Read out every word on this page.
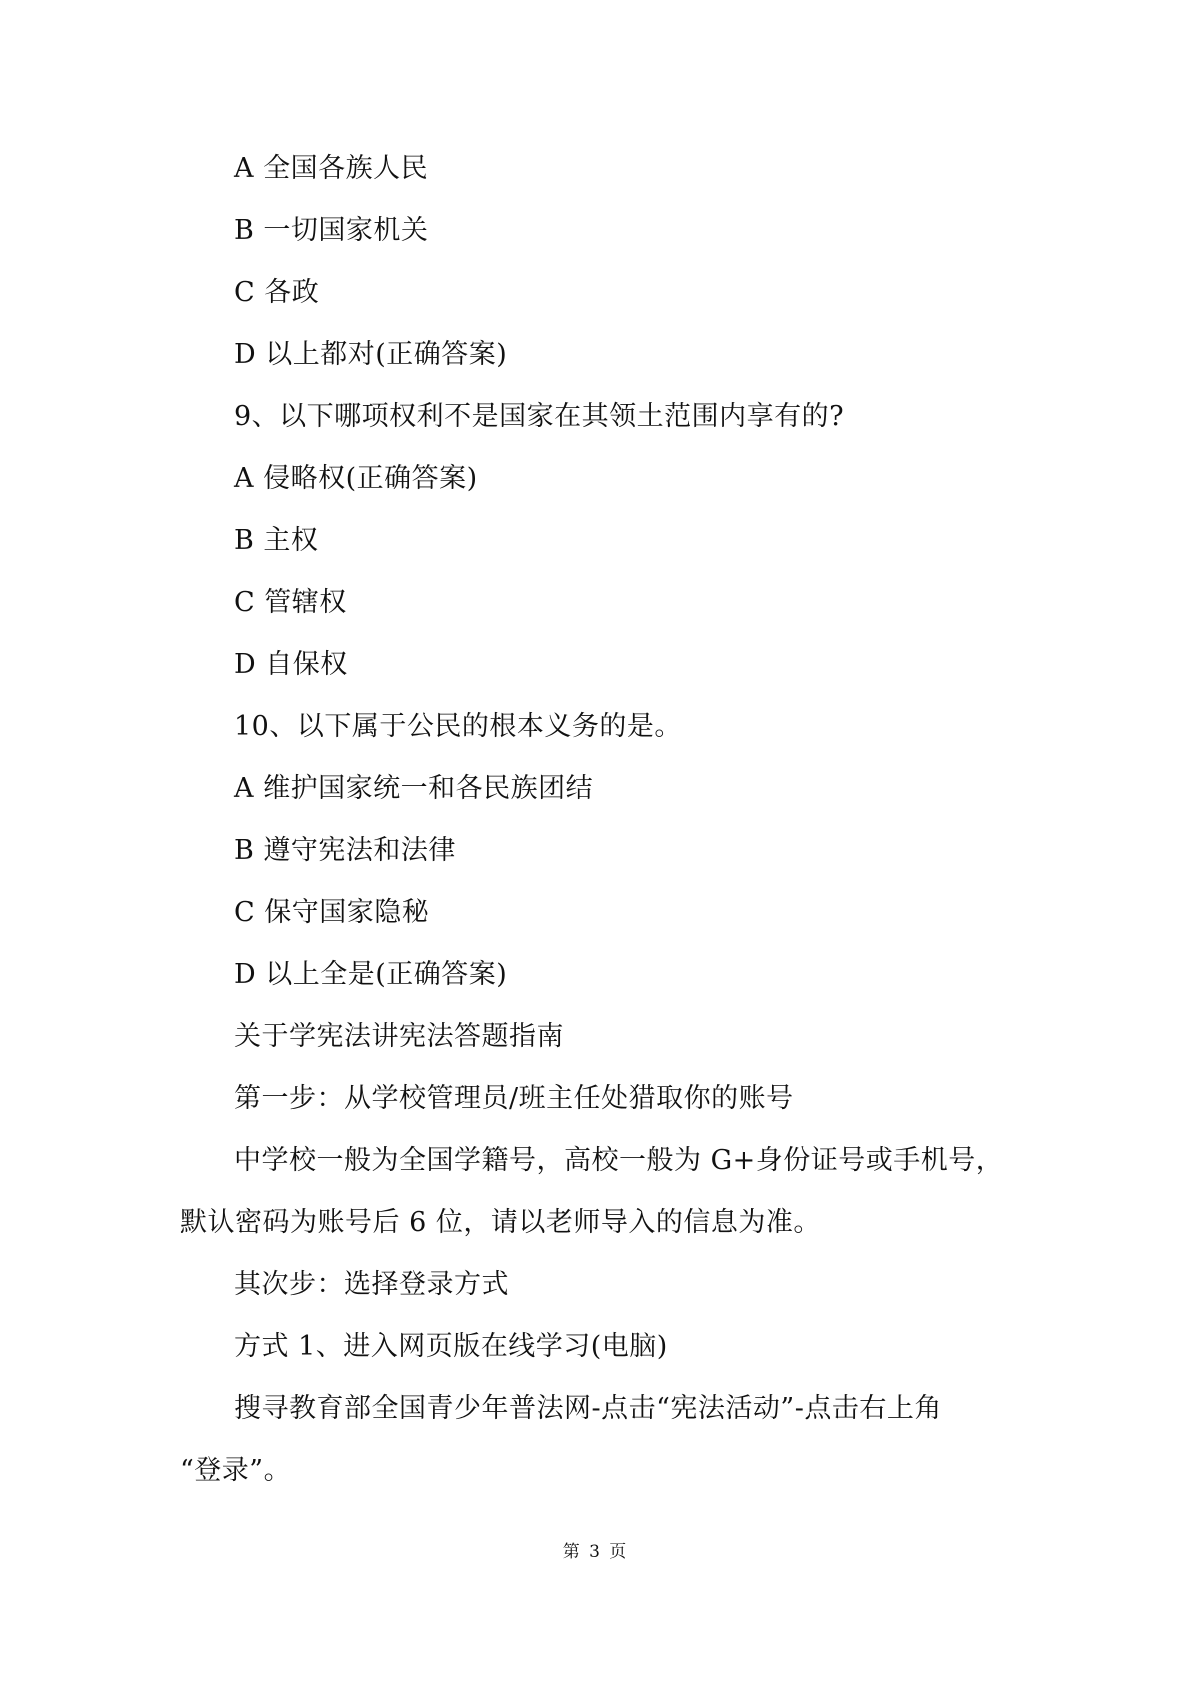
A 全国各族人民
B 一切国家机关
C 各政
D 以上都对(正确答案)
9、以下哪项权利不是国家在其领土范围内享有的?
A 侵略权(正确答案)
B 主权
C 管辖权
D 自保权
10、以下属于公民的根本义务的是。
A 维护国家统一和各民族团结
B 遵守宪法和法律
C 保守国家隐秘
D 以上全是(正确答案)
关于学宪法讲宪法答题指南
第一步：从学校管理员/班主任处猎取你的账号
中学校一般为全国学籍号，高校一般为 G+身份证号或手机号，
默认密码为账号后 6 位，请以老师导入的信息为准。
其次步：选择登录方式
方式 1、进入网页版在线学习(电脑)
搜寻教育部全国青少年普法网-点击“宪法活动”-点击右上角
“登录”。
第 3 页
